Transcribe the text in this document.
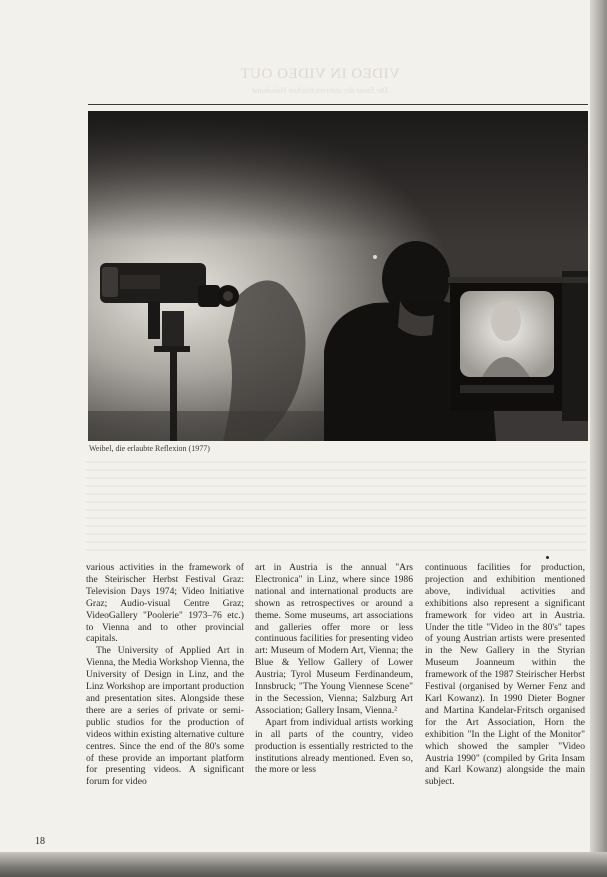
VIDEO IN VIDEO OUT
Die Szene der österreichischen Videokunst
Weibel, die erlaubte Reflexion (1977)

various activities in the framework of the Steirischer Herbst Festival Graz: Television Days 1974; Video Initiative Graz; Audio-visual Centre Graz; VideoGallery "Poolerie" 1973–76 etc.) to Vienna and to other provincial capitals.

The University of Applied Art in Vienna, the Media Workshop Vienna, the University of Design in Linz, and the Linz Workshop are important production and presentation sites. Alongside these there are a series of private or semi-public studios for the production of videos within existing alternative culture centres. Since the end of the 80's some of these provide an important platform for presenting videos. A significant forum for video

art in Austria is the annual "Ars Electronica" in Linz, where since 1986 national and international products are shown as retrospectives or around a theme. Some museums, art associations and galleries offer more or less continuous facilities for presenting video art: Museum of Modern Art, Vienna; the Blue & Yellow Gallery of Lower Austria; Tyrol Museum Ferdinandeum, Innsbruck; "The Young Viennese Scene" in the Secession, Vienna; Salzburg Art Association; Gallery Insam, Vienna.²

Apart from individual artists working in all parts of the country, video production is essentially restricted to the institutions already mentioned. Even so, the more or less

continuous facilities for production, projection and exhibition mentioned above, individual activities and exhibitions also represent a significant framework for video art in Austria. Under the title "Video in the 80's" tapes of young Austrian artists were presented in the New Gallery in the Styrian Museum Joanneum within the framework of the 1987 Steirischer Herbst Festival (organised by Werner Fenz and Karl Kowanz). In 1990 Dieter Bogner and Martina Kandelar-Fritsch organised for the Art Association, Horn the exhibition "In the Light of the Monitor" which showed the sampler "Video Austria 1990" (compiled by Grita Insam and Karl Kowanz) alongside the main subject.

18
